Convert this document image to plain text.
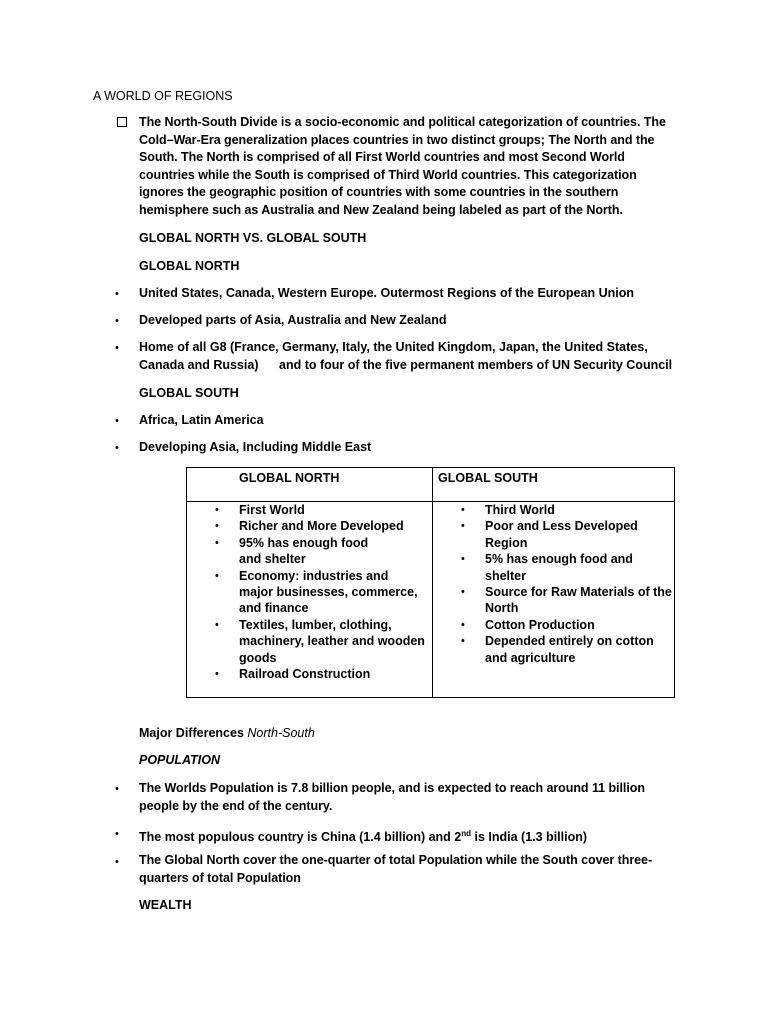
A WORLD OF REGIONS
The North-South Divide is a socio-economic and political categorization of countries. The Cold–War-Era generalization places countries in two distinct groups; The North and the South. The North is comprised of all First World countries and most Second World countries while the South is comprised of Third World countries. This categorization ignores the geographic position of countries with some countries in the southern hemisphere such as Australia and New Zealand being labeled as part of the North.
GLOBAL NORTH VS. GLOBAL SOUTH
GLOBAL NORTH
• United States, Canada, Western Europe. Outermost Regions of the European Union
• Developed parts of Asia, Australia and New Zealand
• Home of all G8 (France, Germany, Italy, the United Kingdom, Japan, the United States,
Canada and Russia) and to four of the five permanent members of UN Security Council
GLOBAL SOUTH
• Africa, Latin America
• Developing Asia, Including Middle East
GLOBAL NORTH	GLOBAL SOUTH
• First World
• Richer and More Developed
• 95% has enough food and shelter
• Economy: industries and major businesses, commerce, and finance
• Textiles, lumber, clothing, machinery, leather and wooden goods
• Railroad Construction
• Third World
• Poor and Less Developed Region
• 5% has enough food and shelter
• Source for Raw Materials of the North
• Cotton Production
• Depended entirely on cotton and agriculture
Major Differences North-South
POPULATION
• The Worlds Population is 7.8 billion people, and is expected to reach around 11 billion people by the end of the century.
• The most populous country is China (1.4 billion) and 2nd is India (1.3 billion)
• The Global North cover the one-quarter of total Population while the South cover three-quarters of total Population
WEALTH
